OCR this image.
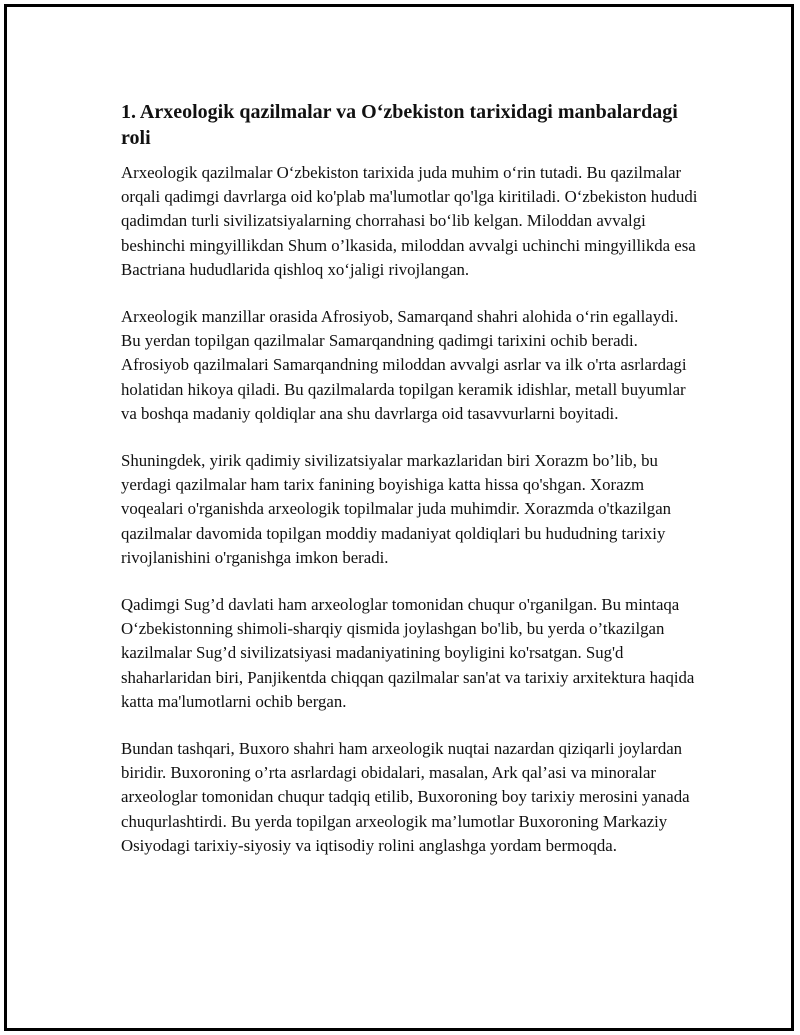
1. Arxeologik qazilmalar va O‘zbekiston tarixidagi manbalardagi roli

Arxeologik qazilmalar O‘zbekiston tarixida juda muhim o‘rin tutadi. Bu qazilmalar orqali qadimgi davrlarga oid ko'plab ma'lumotlar qo'lga kiritiladi. O‘zbekiston hududi qadimdan turli sivilizatsiyalarning chorrahasi bo‘lib kelgan. Miloddan avvalgi beshinchi mingyillikdan Shum o’lkasida, miloddan avvalgi uchinchi mingyillikda esa Bactriana hududlarida qishloq xo‘jaligi rivojlangan.

Arxeologik manzillar orasida Afrosiyob, Samarqand shahri alohida o‘rin egallaydi. Bu yerdan topilgan qazilmalar Samarqandning qadimgi tarixini ochib beradi. Afrosiyob qazilmalari Samarqandning miloddan avvalgi asrlar va ilk o'rta asrlardagi holatidan hikoya qiladi. Bu qazilmalarda topilgan keramik idishlar, metall buyumlar va boshqa madaniy qoldiqlar ana shu davrlarga oid tasavvurlarni boyitadi.

Shuningdek, yirik qadimiy sivilizatsiyalar markazlaridan biri Xorazm bo’lib, bu yerdagi qazilmalar ham tarix fanining boyishiga katta hissa qo'shgan. Xorazm voqealari o'rganishda arxeologik topilmalar juda muhimdir. Xorazmda o'tkazilgan qazilmalar davomida topilgan moddiy madaniyat qoldiqlari bu hududning tarixiy rivojlanishini o'rganishga imkon beradi.

Qadimgi Sug’d davlati ham arxeologlar tomonidan chuqur o'rganilgan. Bu mintaqa O‘zbekistonning shimoli-sharqiy qismida joylashgan bo'lib, bu yerda o’tkazilgan kazilmalar Sug’d sivilizatsiyasi madaniyatining boyligini ko'rsatgan. Sug'd shaharlaridan biri, Panjikentda chiqqan qazilmalar san'at va tarixiy arxitektura haqida katta ma'lumotlarni ochib bergan.

Bundan tashqari, Buxoro shahri ham arxeologik nuqtai nazardan qiziqarli joylardan biridir. Buxoroning o’rta asrlardagi obidalari, masalan, Ark qal’asi va minoralar arxeologlar tomonidan chuqur tadqiq etilib, Buxoroning boy tarixiy merosini yanada chuqurlashtirdi. Bu yerda topilgan arxeologik ma’lumotlar Buxoroning Markaziy Osiyodagi tarixiy-siyosiy va iqtisodiy rolini anglashga yordam bermoqda.
